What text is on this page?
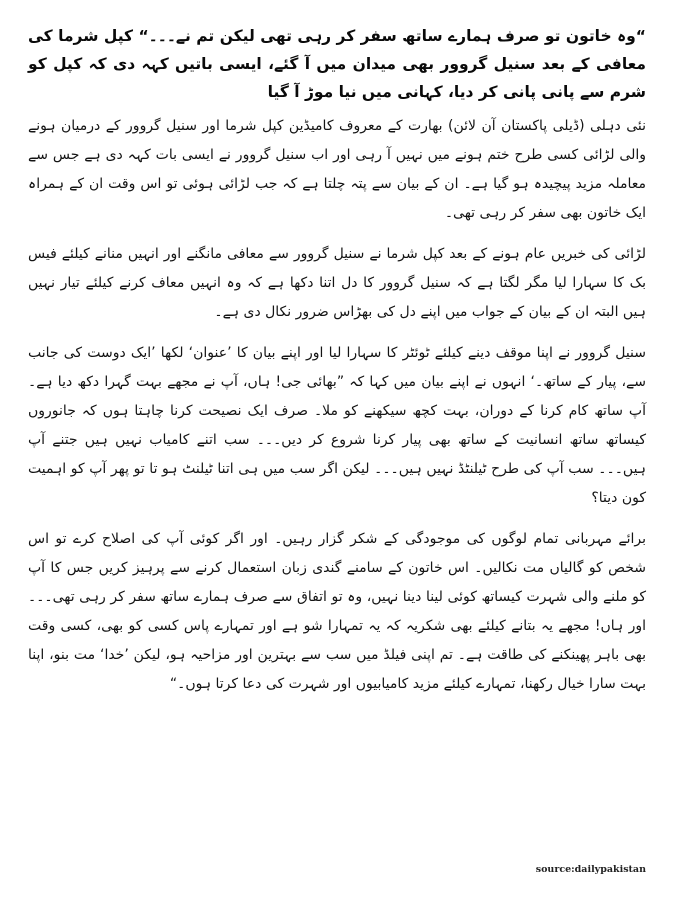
“وہ خاتون تو صرف ہمارے ساتھ سفر کر رہی تھی لیکن تم نے۔۔۔“ کپل شرما کی معافی کے بعد سنیل گروور بھی میدان میں آ گئے، ایسی باتیں کہہ دی کہ کپل کو شرم سے پانی پانی کر دیا، کہانی میں نیا موڑ آ گیا

نئی دہلی (ڈیلی پاکستان آن لائن) بھارت کے معروف کامیڈین کپل شرما اور سنیل گروور کے درمیان ہونے والی لڑائی کسی طرح ختم ہونے میں نہیں آ رہی اور اب سنیل گروور نے ایسی بات کہہ دی ہے جس سے معاملہ مزید پیچیدہ ہو گیا ہے۔ ان کے بیان سے پتہ چلتا ہے کہ جب لڑائی ہوئی تو اس وقت ان کے ہمراہ ایک خاتون بھی سفر کر رہی تھی۔

لڑائی کی خبریں عام ہونے کے بعد کپل شرما نے سنیل گروور سے معافی مانگنے اور انہیں منانے کیلئے فیس بک کا سہارا لیا مگر لگتا ہے کہ سنیل گروور کا دل اتنا دکھا ہے کہ وہ انہیں معاف کرنے کیلئے تیار نہیں ہیں البتہ ان کے بیان کے جواب میں اپنے دل کی بھڑاس ضرور نکال دی ہے۔

سنیل گروور نے اپنا موقف دینے کیلئے ٹوئٹر کا سہارا لیا اور اپنے بیان کا ’عنوان‘ لکھا ’ایک دوست کی جانب سے، پیار کے ساتھ۔‘ انہوں نے اپنے بیان میں کہا کہ ”بھائی جی! ہاں، آپ نے مجھے بہت گہرا دکھ دیا ہے۔ آپ ساتھ کام کرنا کے دوران، بہت کچھ سیکھنے کو ملا۔ صرف ایک نصیحت کرنا چاہتا ہوں کہ جانوروں کیساتھ ساتھ انسانیت کے ساتھ بھی پیار کرنا شروع کر دیں۔۔۔ سب اتنے کامیاب نہیں ہیں جتنے آپ ہیں۔۔۔ سب آپ کی طرح ٹیلنٹڈ نہیں ہیں۔۔۔ لیکن اگر سب میں ہی اتنا ٹیلنٹ ہو تا تو پھر آپ کو اہمیت کون دیتا؟

برائے مہربانی تمام لوگوں کی موجودگی کے شکر گزار رہیں۔ اور اگر کوئی آپ کی اصلاح کرے تو اس شخص کو گالیاں مت نکالیں۔ اس خاتون کے سامنے گندی زبان استعمال کرنے سے پرہیز کریں جس کا آپ کو ملنے والی شہرت کیساتھ کوئی لینا دینا نہیں، وہ تو اتفاق سے صرف ہمارے ساتھ سفر کر رہی تھی۔۔۔ اور ہاں! مجھے یہ بتانے کیلئے بھی شکریہ کہ یہ تمہارا شو ہے اور تمہارے پاس کسی کو بھی، کسی وقت بھی باہر پھینکنے کی طاقت ہے۔ تم اپنی فیلڈ میں سب سے بہترین اور مزاحیہ ہو، لیکن ’خدا‘ مت بنو، اپنا بہت سارا خیال رکھنا، تمہارے کیلئے مزید کامیابیوں اور شہرت کی دعا کرتا ہوں۔“

source:dailypakistan
